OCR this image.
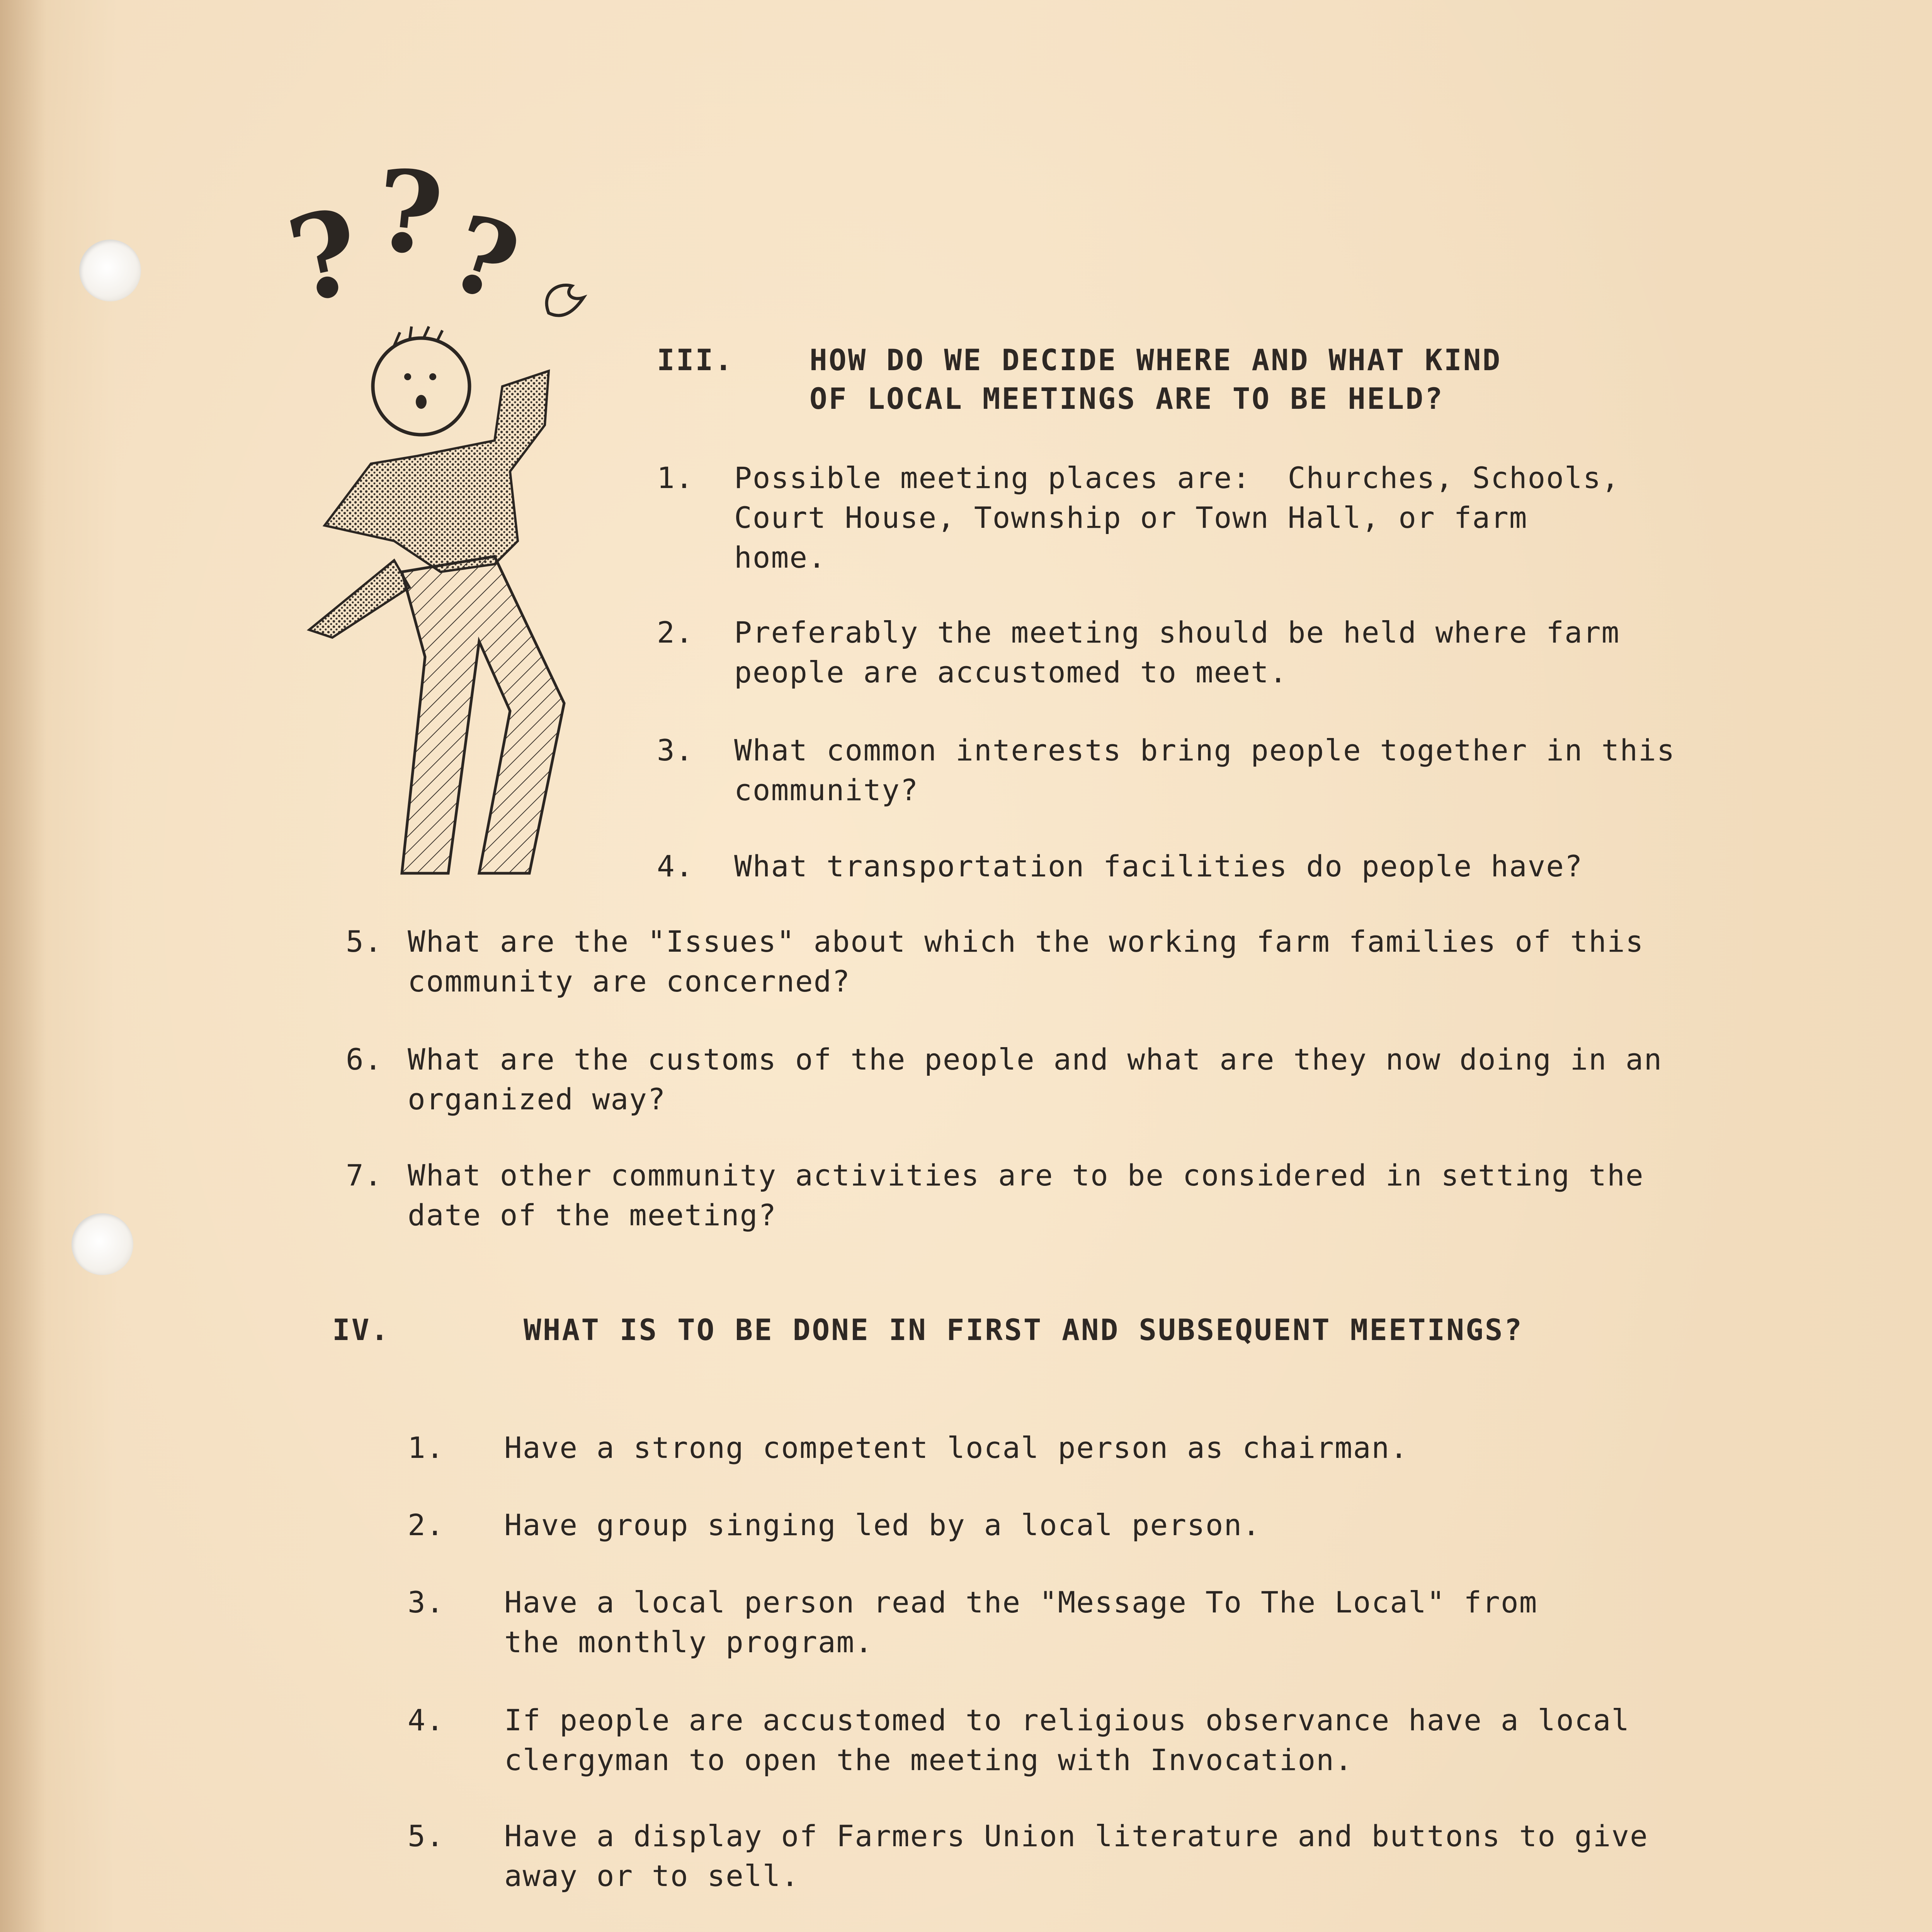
?
?
?
III.	HOW DO WE DECIDE WHERE AND WHAT KIND
OF LOCAL MEETINGS ARE TO BE HELD?
1. Possible meeting places are:  Churches, Schools,
Court House, Township or Town Hall, or farm
home.
2. Preferably the meeting should be held where farm
people are accustomed to meet.
3. What common interests bring people together in this
community?
4. What transportation facilities do people have?
5. What are the "Issues" about which the working farm families of this
community are concerned?
6. What are the customs of the people and what are they now doing in an
organized way?
7. What other community activities are to be considered in setting the
date of the meeting?
IV.	WHAT IS TO BE DONE IN FIRST AND SUBSEQUENT MEETINGS?
1. Have a strong competent local person as chairman.
2. Have group singing led by a local person.
3. Have a local person read the "Message To The Local" from
the monthly program.
4. If people are accustomed to religious observance have a local
clergyman to open the meeting with Invocation.
5. Have a display of Farmers Union literature and buttons to give
away or to sell.
